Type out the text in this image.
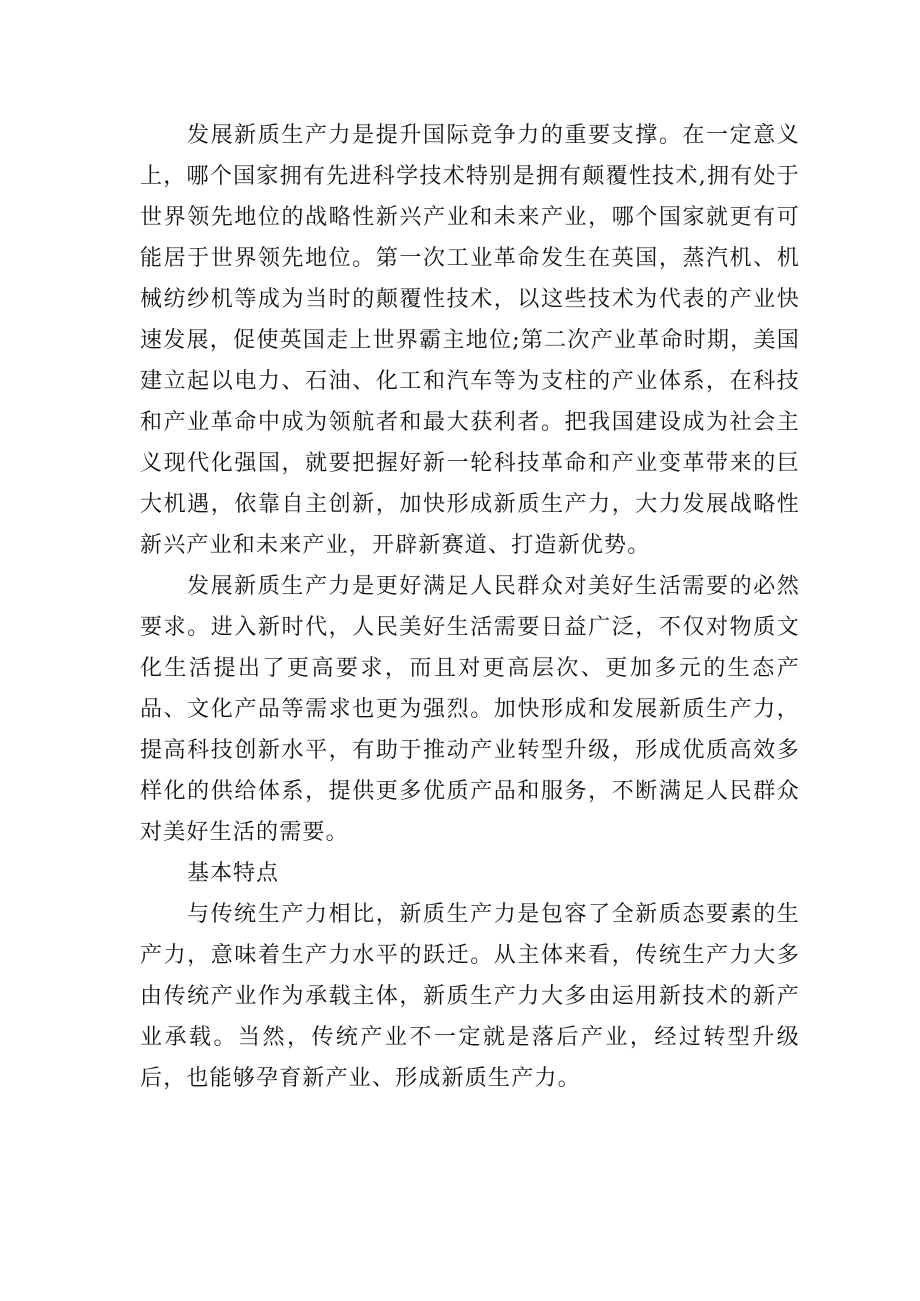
发展新质生产力是提升国际竞争力的重要支撑。在一定意义上，哪个国家拥有先进科学技术特别是拥有颠覆性技术,拥有处于世界领先地位的战略性新兴产业和未来产业，哪个国家就更有可能居于世界领先地位。第一次工业革命发生在英国，蒸汽机、机械纺纱机等成为当时的颠覆性技术，以这些技术为代表的产业快速发展，促使英国走上世界霸主地位;第二次产业革命时期，美国建立起以电力、石油、化工和汽车等为支柱的产业体系，在科技和产业革命中成为领航者和最大获利者。把我国建设成为社会主义现代化强国，就要把握好新一轮科技革命和产业变革带来的巨大机遇，依靠自主创新，加快形成新质生产力，大力发展战略性新兴产业和未来产业，开辟新赛道、打造新优势。

发展新质生产力是更好满足人民群众对美好生活需要的必然要求。进入新时代，人民美好生活需要日益广泛，不仅对物质文化生活提出了更高要求，而且对更高层次、更加多元的生态产品、文化产品等需求也更为强烈。加快形成和发展新质生产力，提高科技创新水平，有助于推动产业转型升级，形成优质高效多样化的供给体系，提供更多优质产品和服务，不断满足人民群众对美好生活的需要。

基本特点

与传统生产力相比，新质生产力是包容了全新质态要素的生产力，意味着生产力水平的跃迁。从主体来看，传统生产力大多由传统产业作为承载主体，新质生产力大多由运用新技术的新产业承载。当然，传统产业不一定就是落后产业，经过转型升级后，也能够孕育新产业、形成新质生产力。
